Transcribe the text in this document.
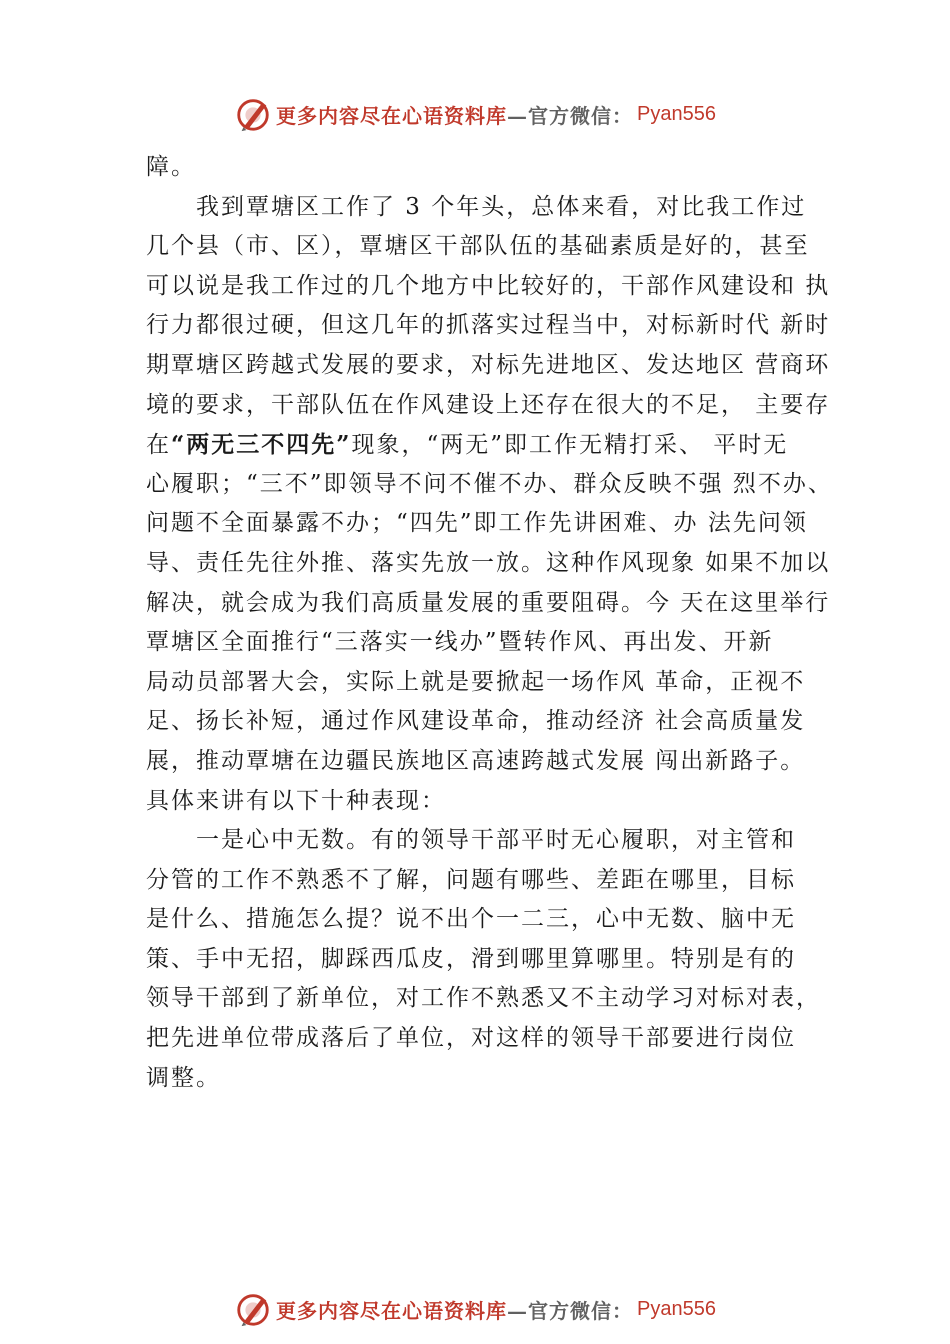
更多内容尽在心语资料库 —官方微信： Pyan556
障。
我到覃塘区工作了 3 个年头，总体来看，对比我工作过
几个县（市、区），覃塘区干部队伍的基础素质是好的，甚至
可以说是我工作过的几个地方中比较好的，干部作风建设和 执
行力都很过硬，但这几年的抓落实过程当中，对标新时代 新时
期覃塘区跨越式发展的要求，对标先进地区、发达地区 营商环
境的要求，干部队伍在作风建设上还存在很大的不足， 主要存
在“两无三不四先”现象，“两无”即工作无精打采、 平时无
心履职；“三不”即领导不问不催不办、群众反映不强 烈不办、
问题不全面暴露不办；“四先”即工作先讲困难、办 法先问领
导、责任先往外推、落实先放一放。这种作风现象 如果不加以
解决，就会成为我们高质量发展的重要阻碍。今 天在这里举行
覃塘区全面推行“三落实一线办”暨转作风、再出发、开新
局动员部署大会，实际上就是要掀起一场作风 革命，正视不
足、扬长补短，通过作风建设革命，推动经济 社会高质量发
展，推动覃塘在边疆民族地区高速跨越式发展 闯出新路子。
具体来讲有以下十种表现：
一是心中无数。有的领导干部平时无心履职，对主管和
分管的工作不熟悉不了解，问题有哪些、差距在哪里，目标
是什么、措施怎么提？说不出个一二三，心中无数、脑中无
策、手中无招，脚踩西瓜皮，滑到哪里算哪里。特别是有的
领导干部到了新单位，对工作不熟悉又不主动学习对标对表，
把先进单位带成落后了单位，对这样的领导干部要进行岗位
调整。
更多内容尽在心语资料库 —官方微信： Pyan556
